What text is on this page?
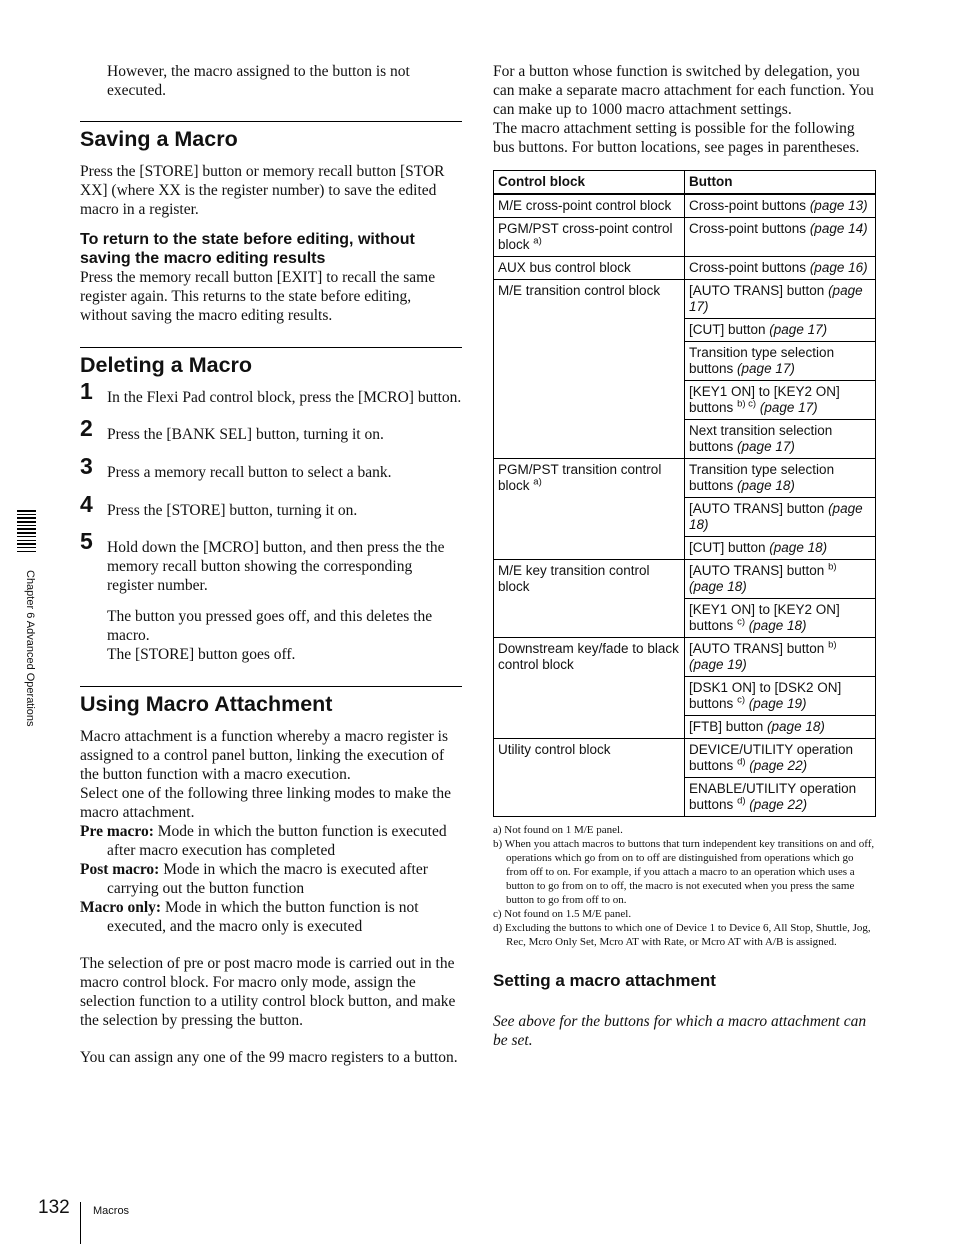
However, the macro assigned to the button is not executed.

Saving a Macro

Press the [STORE] button or memory recall button [STOR XX] (where XX is the register number) to save the edited macro in a register.

To return to the state before editing, without saving the macro editing results

Press the memory recall button [EXIT] to recall the same register again. This returns to the state before editing, without saving the macro editing results.

Deleting a Macro
1 In the Flexi Pad control block, press the [MCRO] button.

2 Press the [BANK SEL] button, turning it on.

3 Press a memory recall button to select a bank.

4 Press the [STORE] button, turning it on.

5 Hold down the [MCRO] button, and then press the the memory recall button showing the corresponding register number.

The button you pressed goes off, and this deletes the macro.

The [STORE] button goes off.

Using Macro Attachment

Macro attachment is a function whereby a macro register is assigned to a control panel button, linking the execution of the button function with a macro execution.

Select one of the following three linking modes to make the macro attachment.

Pre macro: Mode in which the button function is executed after macro execution has completed

Post macro: Mode in which the macro is executed after carrying out the button function

Macro only: Mode in which the button function is not executed, and the macro only is executed

The selection of pre or post macro mode is carried out in the macro control block. For macro only mode, assign the selection function to a utility control block button, and make the selection by pressing the button.

You can assign any one of the 99 macro registers to a button.

For a button whose function is switched by delegation, you can make a separate macro attachment for each function. You can make up to 1000 macro attachment settings.

The macro attachment setting is possible for the following bus buttons. For button locations, see pages in parentheses.

Control block	Button
M/E cross-point control block	Cross-point buttons (page 13)
PGM/PST cross-point control block $^{a)}$	Cross-point buttons (page 14)
AUX bus control block	Cross-point buttons (page 16)
M/E transition control block	[AUTO TRANS] button (page 17)
	[CUT] button (page 17)
	Transition type selection buttons (page 17)
	[KEY1 ON] to [KEY2 ON] buttons $^{b) c)}$ (page 17)
	Next transition selection buttons (page 17)
PGM/PST transition control block $^{a)}$	Transition type selection buttons (page 18)
	[AUTO TRANS] button (page 18)
	[CUT] button (page 18)
M/E key transition control block	[AUTO TRANS] button $^{b)}$ (page 18)
	[KEY1 ON] to [KEY2 ON] buttons $^{c)}$ (page 18)
Downstream key/fade to black control block	[AUTO TRANS] button $^{b)}$ (page 19)
	[DSK1 ON] to [DSK2 ON] buttons $^{c)}$ (page 19)
	[FTB] button (page 18)
Utility control block	DEVICE/UTILITY operation buttons $^{d)}$ (page 22)
	ENABLE/UTILITY operation buttons $^{d)}$ (page 22)

a) Not found on 1 M/E panel.

b) When you attach macros to buttons that turn independent key transitions on and off, operations which go from on to off are distinguished from operations which go from off to on. For example, if you attach a macro to an operation which uses a button to go from on to off, the macro is not executed when you press the same button to go from off to on.

c) Not found on 1.5 M/E panel.

d) Excluding the buttons to which one of Device 1 to Device 6, All Stop, Shuttle, Jog, Rec, Mcro Only Set, Mcro AT with Rate, or Mcro AT with A/B is assigned.

Setting a macro attachment

See above for the buttons for which a macro attachment can be set.

Chapter 6 Advanced Operations
132 Macros
